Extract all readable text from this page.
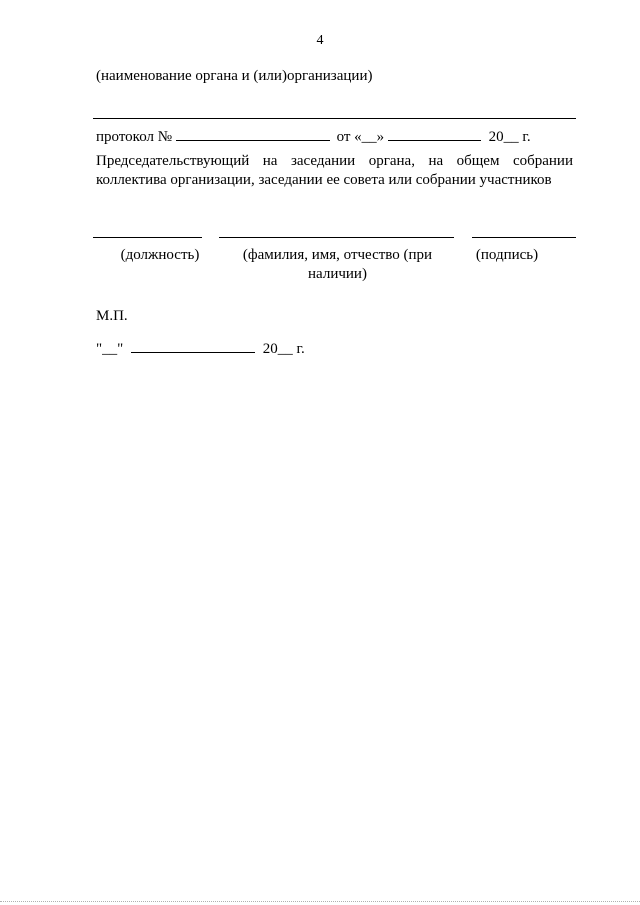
4
(наименование органа и (или)организации)
протокол №	от «__»	20__ г.
Председательствующий на заседании органа, на общем собрании коллектива организации, заседании ее совета или собрании участников
(должность)	(фамилия, имя, отчество (при наличии)
(подпись)
М.П.
"__"	20__ г.
